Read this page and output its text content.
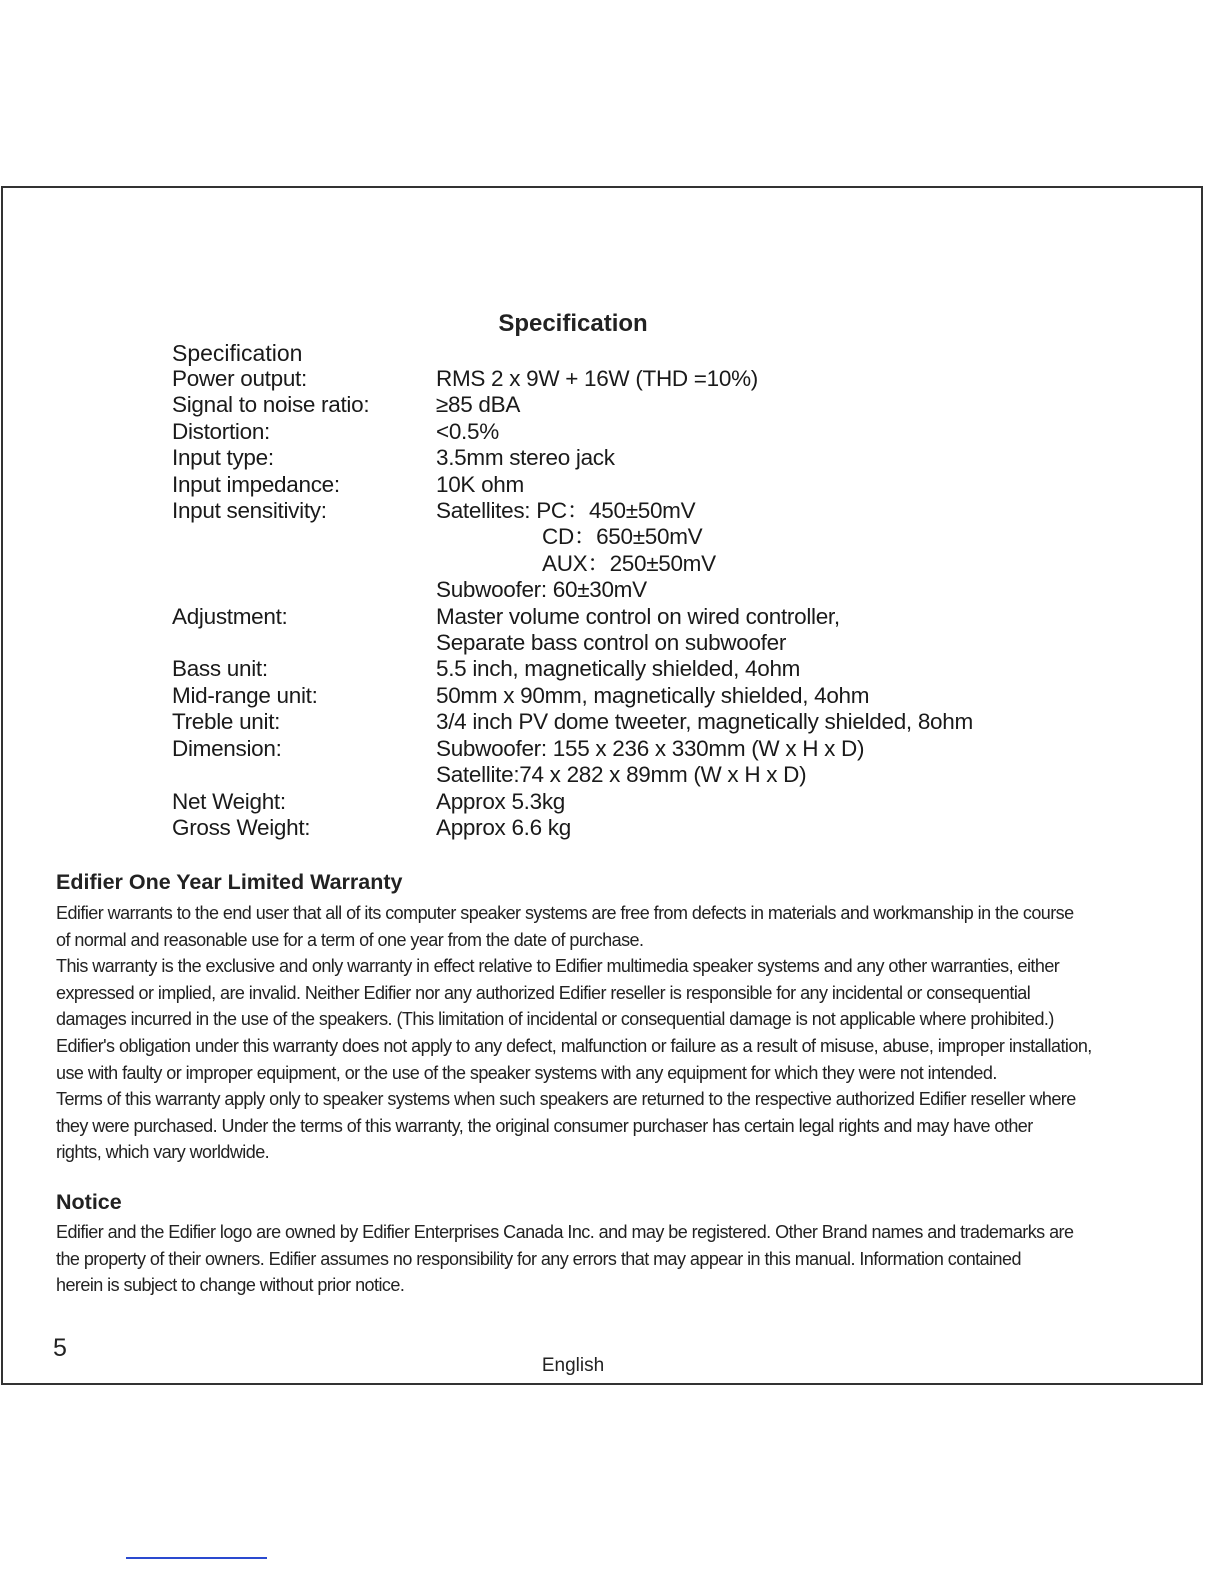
Specification
Specification
Power output:	RMS 2 x 9W + 16W (THD =10%)
Signal to noise ratio:	≥85 dBA
Distortion:	<0.5%
Input type:	3.5mm stereo jack
Input impedance:	10K ohm
Input sensitivity:	Satellites: PC：450±50mV
CD：650±50mV
AUX：250±50mV
Subwoofer: 60±30mV
Adjustment:	Master volume control on wired controller,
Separate bass control on subwoofer
Bass unit:	5.5 inch, magnetically shielded, 4ohm
Mid-range unit:	50mm x 90mm, magnetically shielded, 4ohm
Treble unit:	3/4 inch PV dome tweeter, magnetically shielded, 8ohm
Dimension:	Subwoofer: 155 x 236 x 330mm (W x H x D)
Satellite:74 x 282 x 89mm (W x H x D)
Net Weight:	Approx 5.3kg
Gross Weight:	Approx 6.6 kg
Edifier One Year Limited Warranty

Edifier warrants to the end user that all of its computer speaker systems are free from defects in materials and workmanship in the course

of normal and reasonable use for a term of one year from the date of purchase.

This warranty is the exclusive and only warranty in effect relative to Edifier multimedia speaker systems and any other warranties, either

expressed or implied, are invalid. Neither Edifier nor any authorized Edifier reseller is responsible for any incidental or consequential

damages incurred in the use of the speakers. (This limitation of incidental or consequential damage is not applicable where prohibited.)

Edifier's obligation under this warranty does not apply to any defect, malfunction or failure as a result of misuse, abuse, improper installation,

use with faulty or improper equipment, or the use of the speaker systems with any equipment for which they were not intended.

Terms of this warranty apply only to speaker systems when such speakers are returned to the respective authorized Edifier reseller where

they were purchased. Under the terms of this warranty, the original consumer purchaser has certain legal rights and may have other

rights, which vary worldwide.

Notice

Edifier and the Edifier logo are owned by Edifier Enterprises Canada Inc. and may be registered. Other Brand names and trademarks are

the property of their owners. Edifier assumes no responsibility for any errors that may appear in this manual. Information contained

herein is subject to change without prior notice.

5
English
